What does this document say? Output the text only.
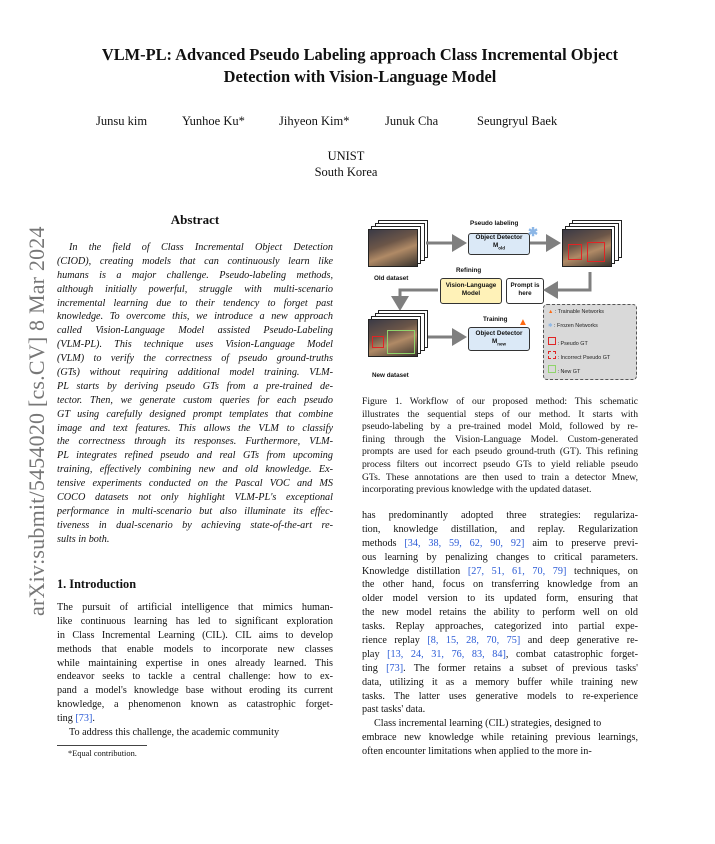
arXiv:submit/5454020 [cs.CV] 8 Mar 2024
VLM-PL: Advanced Pseudo Labeling approach Class Incremental Object
Detection with Vision-Language Model
Junsu kim	Yunhoe Ku*	Jihyeon Kim*	Junuk Cha	Seungryul Baek
UNIST
South Korea
Abstract
In the field of Class Incremental Object Detection
(CIOD), creating models that can continuously learn like
humans is a major challenge. Pseudo-labeling methods,
although initially powerful, struggle with multi-scenario
incremental learning due to their tendency to forget past
knowledge. To overcome this, we introduce a new approach
called Vision-Language Model assisted Pseudo-Labeling
(VLM-PL). This technique uses Vision-Language Model
(VLM) to verify the correctness of pseudo ground-truths
(GTs) without requiring additional model training. VLM-
PL starts by deriving pseudo GTs from a pre-trained de-
tector. Then, we generate custom queries for each pseudo
GT using carefully designed prompt templates that combine
image and text features. This allows the VLM to classify
the correctness through its responses. Furthermore, VLM-
PL integrates refined pseudo and real GTs from upcoming
training, effectively combining new and old knowledge. Ex-
tensive experiments conducted on the Pascal VOC and MS
COCO datasets not only highlight VLM-PL's exceptional
performance in multi-scenario but also illuminate its effec-
tiveness in dual-scenario by achieving state-of-the-art re-
sults in both.
1. Introduction
The pursuit of artificial intelligence that mimics human-
like continuous learning has led to significant exploration
in Class Incremental Learning (CIL). CIL aims to develop
methods that enable models to incorporate new classes
while maintaining expertise in ones already learned. This
endeavor seeks to tackle a central challenge: how to ex-
pand a model's knowledge base without eroding its current
knowledge, a phenomenon known as catastrophic forget-
ting [73].
To address this challenge, the academic community
*Equal contribution.
Old dataset
Pseudo labeling
Object Detector
$M_{old}$
✱
Refining
Vision-Language
Model
Prompt is
here
New dataset
Training
Object Detector
$M_{new}$
▲
▲ : Trainable Networks
✱ : Frozen Networks
: Pseudo GT
: Incorrect Pseudo GT
: New GT
Figure 1. Workflow of our proposed method: This schematic
illustrates the sequential steps of our method. It starts with
pseudo-labeling by a pre-trained model Mold, followed by re-
fining through the Vision-Language Model. Custom-generated
prompts are used for each pseudo ground-truth (GT). This refining
process filters out incorrect pseudo GTs to yield reliable pseudo
GTs. These annotations are then used to train a detector Mnew,
incorporating previous knowledge with the updated dataset.
has predominantly adopted three strategies: regulariza-
tion, knowledge distillation, and replay. Regularization
methods [34, 38, 59, 62, 90, 92] aim to preserve previ-
ous learning by penalizing changes to critical parameters.
Knowledge distillation [27, 51, 61, 70, 79] techniques, on
the other hand, focus on transferring knowledge from an
older model version to its updated form, ensuring that
the new model retains the ability to perform well on old
tasks. Replay approaches, categorized into partial expe-
rience replay [8, 15, 28, 70, 75] and deep generative re-
play [13, 24, 31, 76, 83, 84], combat catastrophic forget-
ting [73]. The former retains a subset of previous tasks'
data, utilizing it as a memory buffer while training new
tasks. The latter uses generative models to re-experience
past tasks' data.
Class incremental learning (CIL) strategies, designed to
embrace new knowledge while retaining previous learnings,
often encounter limitations when applied to the more in-
